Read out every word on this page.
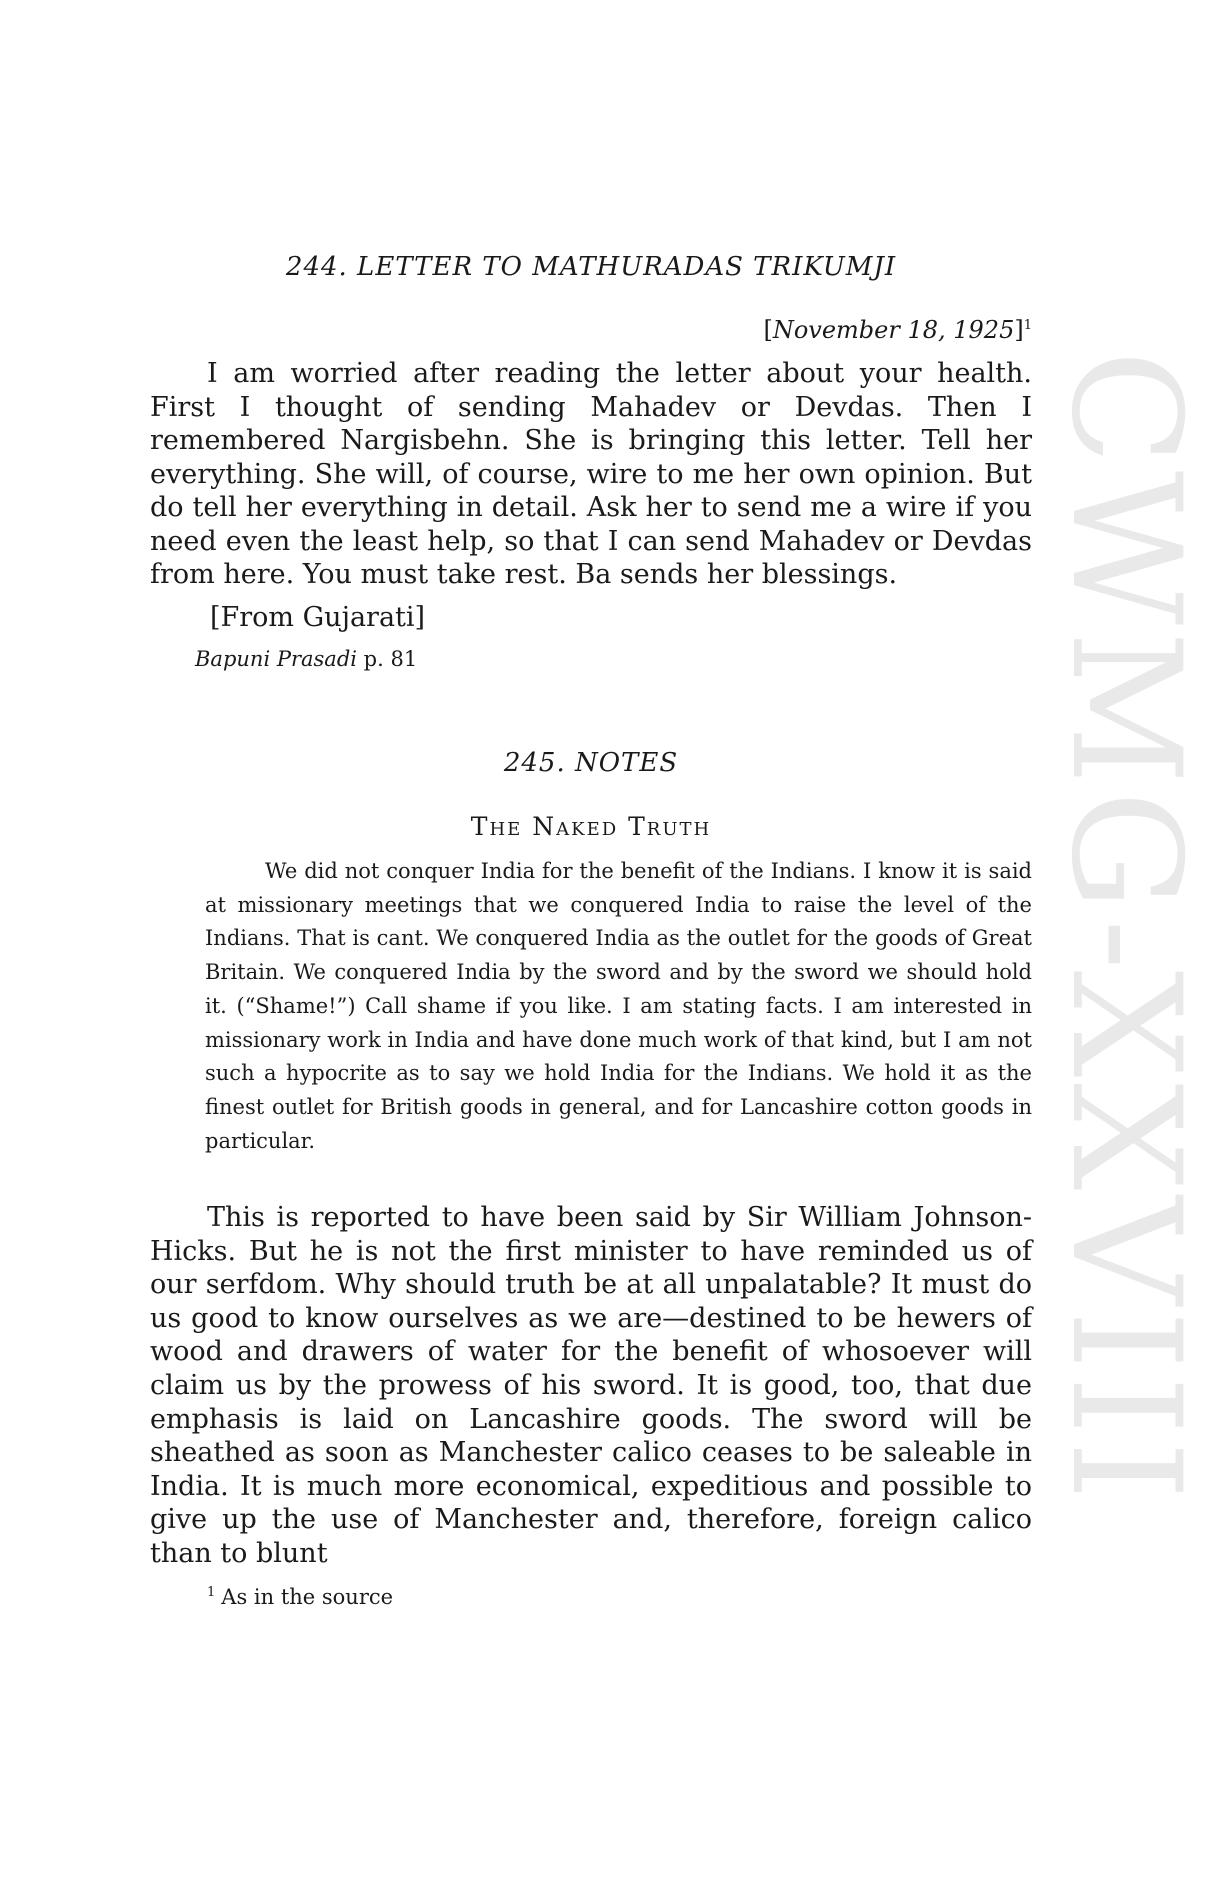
CWMG-XXVIII
244. LETTER TO MATHURADAS TRIKUMJI
[November 18, 1925]$^1$

I am worried after reading the letter about your health. First I thought of sending Mahadev or Devdas. Then I remembered Nargisbehn. She is bringing this letter. Tell her everything. She will, of course, wire to me her own opinion. But do tell her everything in detail. Ask her to send me a wire if you need even the least help, so that I can send Mahadev or Devdas from here. You must take rest. Ba sends her blessings.

[From Gujarati]
Bapuni Prasadi p. 81
245. NOTES
The Naked Truth

We did not conquer India for the benefit of the Indians. I know it is said at missionary meetings that we conquered India to raise the level of the Indians. That is cant. We conquered India as the outlet for the goods of Great Britain. We conquered India by the sword and by the sword we should hold it. (“Shame!”) Call shame if you like. I am stating facts. I am interested in missionary work in India and have done much work of that kind, but I am not such a hypocrite as to say we hold India for the Indians. We hold it as the finest outlet for British goods in general, and for Lancashire cotton goods in particular.

This is reported to have been said by Sir William Johnson-Hicks. But he is not the first minister to have reminded us of our serfdom. Why should truth be at all unpalatable? It must do us good to know ourselves as we are—destined to be hewers of wood and drawers of water for the benefit of whosoever will claim us by the prowess of his sword. It is good, too, that due emphasis is laid on Lancashire goods. The sword will be sheathed as soon as Manchester calico ceases to be saleable in India. It is much more economical, expeditious and possible to give up the use of Manchester and, therefore, foreign calico than to blunt

$^1$ As in the source
